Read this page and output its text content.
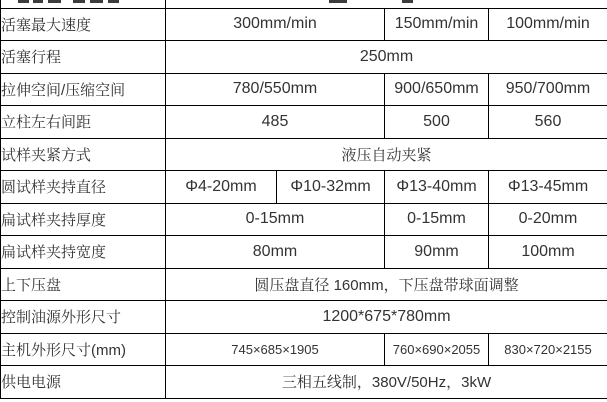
活塞最大速度	300mm/min		150mm/min	100mm/min
活塞行程	250mm			
拉伸空间/压缩空间	780/550mm		900/650mm	950/700mm
立柱左右间距	485		500	560
试样夹紧方式	液压自动夹紧			
圆试样夹持直径	Φ4-20mm	Φ10-32mm	Φ13-40mm	Φ13-45mm
扁试样夹持厚度	0-15mm		0-15mm	0-20mm
扁试样夹持宽度	80mm		90mm	100mm
上下压盘	圆压盘直径 160mm，下压盘带球面调整			
控制油源外形尺寸	1200*675*780mm			
主机外形尺寸(mm)	745×685×1905		760×690×2055	830×720×2155
供电电源	三相五线制，380V/50Hz，3kW			
